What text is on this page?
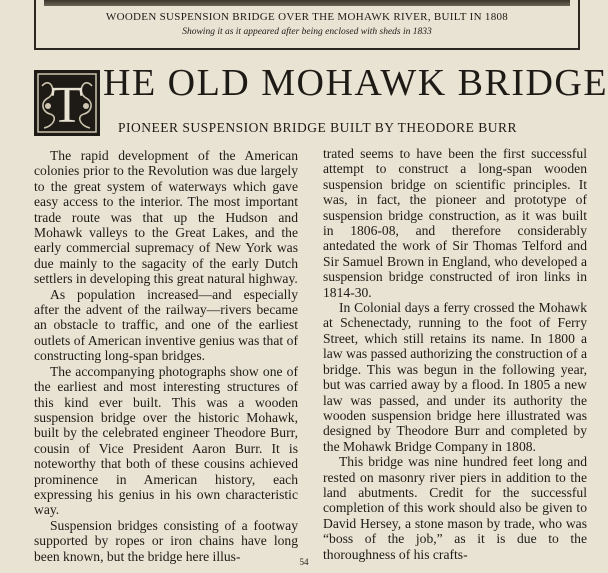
WOODEN SUSPENSION BRIDGE OVER THE MOHAWK RIVER, BUILT IN 1808
Showing it as it appeared after being enclosed with sheds in 1833
T HE OLD MOHAWK BRIDGE
PIONEER SUSPENSION BRIDGE BUILT BY THEODORE BURR

The rapid development of the American colonies prior to the Revolution was due largely to the great system of waterways which gave easy access to the interior. The most important trade route was that up the Hudson and Mohawk valleys to the Great Lakes, and the early commercial supremacy of New York was due mainly to the sagacity of the early Dutch settlers in developing this great natural highway.

As population increased—and especially after the advent of the railway—rivers became an obstacle to traffic, and one of the earliest outlets of American inventive genius was that of constructing long-span bridges.

The accompanying photographs show one of the earliest and most interesting structures of this kind ever built. This was a wooden suspension bridge over the historic Mohawk, built by the celebrated engineer Theodore Burr, cousin of Vice President Aaron Burr. It is noteworthy that both of these cousins achieved prominence in American history, each expressing his genius in his own characteristic way.

Suspension bridges consisting of a footway supported by ropes or iron chains have long been known, but the bridge here illus-

trated seems to have been the first successful attempt to construct a long-span wooden suspension bridge on scientific principles. It was, in fact, the pioneer and prototype of suspension bridge construction, as it was built in 1806-08, and therefore considerably antedated the work of Sir Thomas Telford and Sir Samuel Brown in England, who developed a suspension bridge constructed of iron links in 1814-30.

In Colonial days a ferry crossed the Mohawk at Schenectady, running to the foot of Ferry Street, which still retains its name. In 1800 a law was passed authorizing the construction of a bridge. This was begun in the following year, but was carried away by a flood. In 1805 a new law was passed, and under its authority the wooden suspension bridge here illustrated was designed by Theodore Burr and completed by the Mohawk Bridge Company in 1808.

This bridge was nine hundred feet long and rested on masonry river piers in addition to the land abutments. Credit for the successful completion of this work should also be given to David Hersey, a stone mason by trade, who was “boss of the job,” as it is due to the thoroughness of his crafts-

54
